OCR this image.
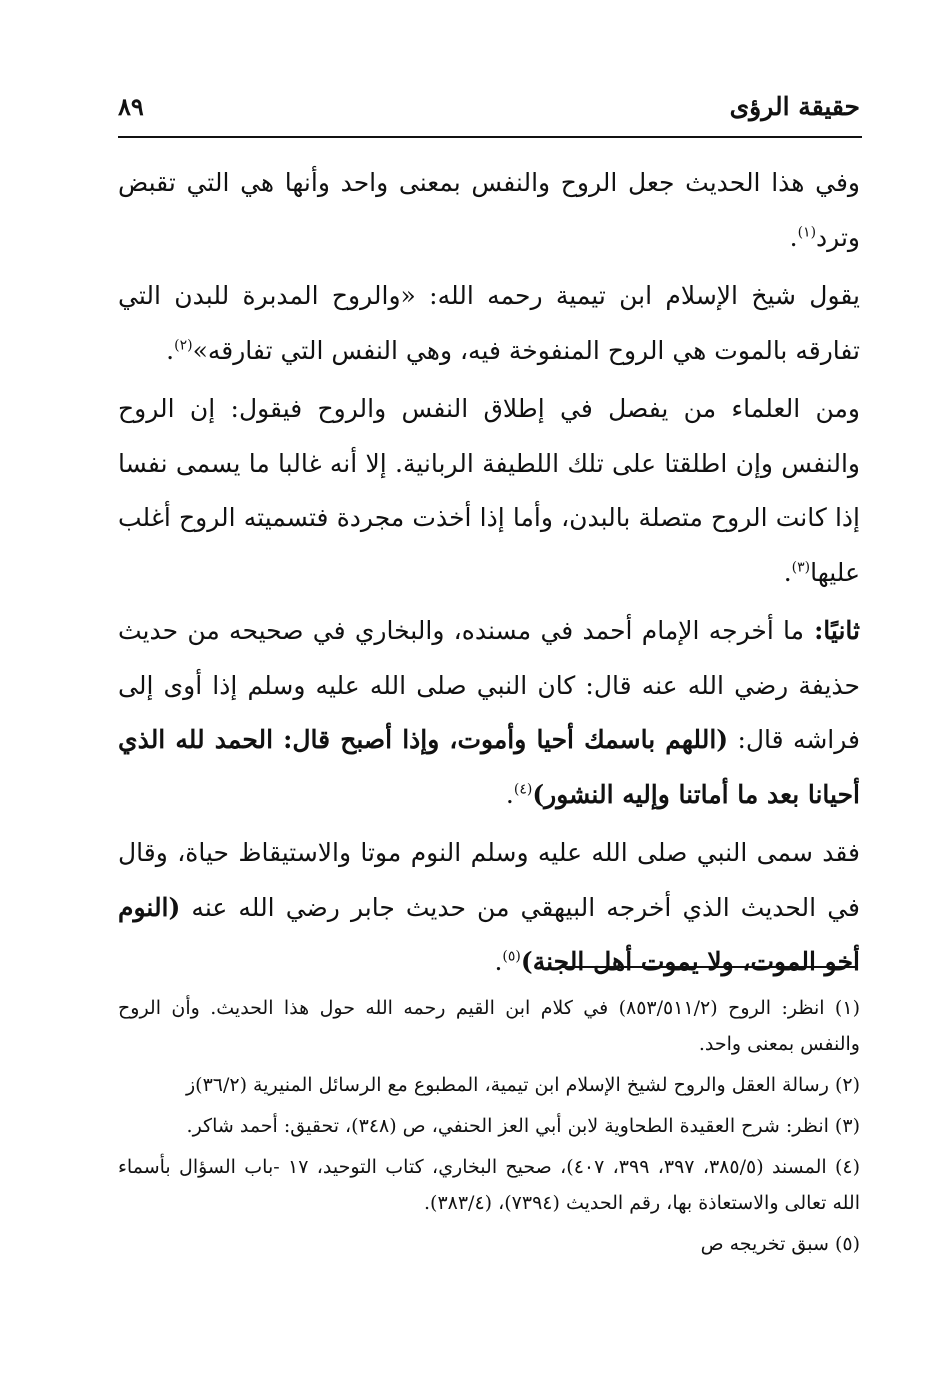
حقيقة الرؤى
٨٩

وفي هذا الحديث جعل الروح والنفس بمعنى واحد وأنها هي التي تقبض وترد$^{(١)}$.

يقول شيخ الإسلام ابن تيمية رحمه الله: «والروح المدبرة للبدن التي تفارقه بالموت هي الروح المنفوخة فيه، وهي النفس التي تفارقه»$^{(٢)}$.

ومن العلماء من يفصل في إطلاق النفس والروح فيقول: إن الروح والنفس وإن اطلقتا على تلك اللطيفة الربانية. إلا أنه غالبا ما يسمى نفسا إذا كانت الروح متصلة بالبدن، وأما إذا أخذت مجردة فتسميته الروح أغلب عليها$^{(٣)}$.

ثانيًا: ما أخرجه الإمام أحمد في مسنده، والبخاري في صحيحه من حديث حذيفة رضي الله عنه قال: كان النبي صلى الله عليه وسلم إذا أوى إلى فراشه قال: (اللهم باسمك أحيا وأموت، وإذا أصبح قال: الحمد لله الذي أحيانا بعد ما أماتنا وإليه النشور)$^{(٤)}$.

فقد سمى النبي صلى الله عليه وسلم النوم موتا والاستيقاظ حياة، وقال في الحديث الذي أخرجه البيهقي من حديث جابر رضي الله عنه (النوم أخو الموت، ولا يموت أهل الجنة)$^{(٥)}$.

(١) انظر: الروح (٨٥٣/٥١١/٢) في كلام ابن القيم رحمه الله حول هذا الحديث. وأن الروح والنفس بمعنى واحد.

(٢) رسالة العقل والروح لشيخ الإسلام ابن تيمية، المطبوع مع الرسائل المنيرية (٣٦/٢)ز

(٣) انظر: شرح العقيدة الطحاوية لابن أبي العز الحنفي، ص (٣٤٨)، تحقيق: أحمد شاكر.

(٤) المسند (٣٨٥/٥، ٣٩٧، ٣٩٩، ٤٠٧)، صحيح البخاري، كتاب التوحيد، ١٧ -باب السؤال بأسماء الله تعالى والاستعاذة بها، رقم الحديث (٧٣٩٤)، (٣٨٣/٤).

(٥) سبق تخريجه ص
